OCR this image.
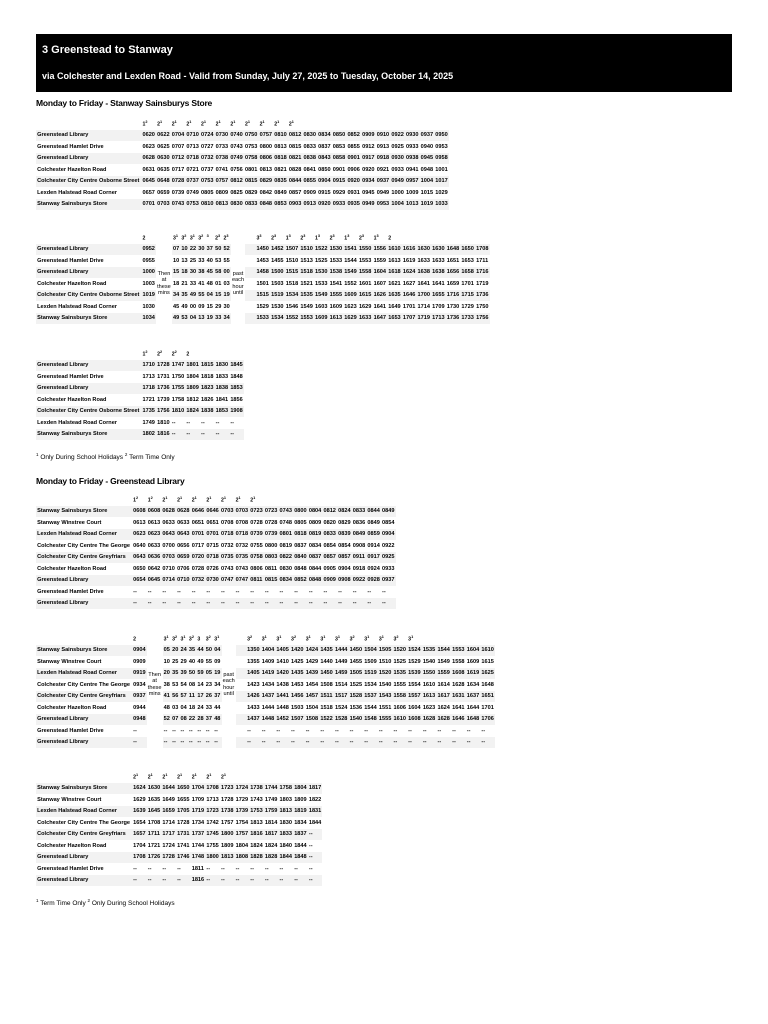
3 Greenstead to Stanway
via Colchester and Lexden Road - Valid from Sunday, July 27, 2025 to Tuesday, October 14, 2025
Monday to Friday - Stanway Sainsburys Store
	$1^2$	$2^1$	$2^1$	$2^1$	$2^1$	$2^1$	$2^1$	$2^1$	$2^1$	$2^1$	$2^1$										
Greenstead Library	0620	0622	0704	0710	0724	0730	0740	0750	0757	0810	0812	0830	0834	0850	0852	0909	0910	0922	0930	0937	0950
Greenstead Hamlet Drive	0623	0625	0707	0713	0727	0733	0743	0753	0800	0813	0815	0833	0837	0853	0855	0912	0913	0925	0933	0940	0953
Greenstead Library	0628	0630	0712	0718	0732	0738	0749	0758	0806	0818	0821	0838	0843	0858	0901	0917	0918	0930	0938	0945	0958
Colchester Hazelton Road	0631	0635	0717	0721	0737	0741	0756	0801	0813	0821	0828	0841	0850	0901	0906	0920	0921	0933	0941	0948	1001
Colchester City Centre Osborne Street	0645	0648	0728	0737	0753	0757	0812	0815	0829	0835	0844	0855	0904	0915	0920	0934	0937	0949	0957	1004	1017
Lexden Halstead Road Corner	0657	0659	0739	0749	0805	0809	0825	0829	0842	0849	0857	0909	0915	0929	0931	0945	0949	1000	1009	1015	1029
Stanway Sainsburys Store	0701	0703	0743	0753	0810	0813	0830	0833	0848	0853	0903	0913	0920	0933	0935	0949	0953	1004	1013	1019	1033
	2		$3^1$	$3^2$	$3^1$	$3^2$	$^3$	$2^3$	$2^3$			$3^3$	$2^3$	$1^3$	$2^3$	$1^3$	$2^3$	$1^3$	$2^3$	$1^3$	2						
Greenstead Library	0952		07	10	22	30	37	50	52			1450	1452	1507	1510	1522	1530	1541	1550	1556	1610	1616	1630	1630	1648	1650	1708
Greenstead Hamlet Drive	0955		10	13	25	33	40	53	55			1453	1455	1510	1513	1525	1533	1544	1553	1559	1613	1619	1633	1633	1651	1653	1711
Greenstead Library	1000	Then
at
these
mins	15	18	30	38	45	58	00	past
each
hour
until		1458	1500	1515	1518	1530	1538	1549	1558	1604	1618	1624	1638	1638	1656	1658	1716
Colchester Hazelton Road	1003		18	21	33	41	48	01	03			1501	1503	1518	1521	1533	1541	1552	1601	1607	1621	1627	1641	1641	1659	1701	1719
Colchester City Centre Osborne Street	1019		34	35	49	55	04	15	19			1515	1519	1534	1535	1549	1555	1609	1615	1626	1635	1646	1700	1655	1716	1715	1736
Lexden Halstead Road Corner	1030		45	49	00	09	15	29	30			1529	1530	1546	1549	1603	1609	1623	1629	1641	1649	1701	1714	1709	1730	1729	1750
Stanway Sainsburys Store	1034		49	53	04	13	19	33	34			1533	1534	1552	1553	1609	1613	1629	1633	1647	1653	1707	1719	1713	1736	1733	1756
	$1^2$	$2^2$	$2^2$	2			
Greenstead Library	1710	1728	1747	1801	1815	1830	1845
Greenstead Hamlet Drive	1713	1731	1750	1804	1818	1833	1848
Greenstead Library	1718	1736	1755	1809	1823	1838	1853
Colchester Hazelton Road	1721	1739	1758	1812	1826	1841	1856
Colchester City Centre Osborne Street	1735	1756	1810	1824	1838	1853	1908
Lexden Halstead Road Corner	1749	1810	--	--	--	--	--
Stanway Sainsburys Store	1802	1816	--	--	--	--	--
$^1$ Only During School Holidays $^2$ Term Time Only
Monday to Friday - Greenstead Library
	$1^2$	$1^2$	$2^1$	$2^1$	$2^1$	$2^1$	$2^1$	$2^1$	$2^1$									
Stanway Sainsburys Store	0608	0608	0628	0628	0646	0646	0703	0703	0723	0723	0743	0800	0804	0812	0824	0833	0844	0849
Stanway Winstree Court	0613	0613	0633	0633	0651	0651	0708	0708	0728	0728	0748	0805	0809	0820	0829	0836	0849	0854
Lexden Halstead Road Corner	0623	0623	0643	0643	0701	0701	0718	0718	0739	0739	0801	0818	0819	0833	0839	0849	0859	0904
Colchester City Centre The George	0640	0633	0700	0656	0717	0715	0732	0732	0755	0800	0819	0837	0834	0854	0854	0908	0914	0922
Colchester City Centre Greyfriars	0643	0636	0703	0659	0720	0718	0735	0735	0758	0803	0822	0840	0837	0857	0857	0911	0917	0925
Colchester Hazelton Road	0650	0642	0710	0706	0728	0726	0743	0743	0806	0811	0830	0848	0844	0905	0904	0918	0924	0933
Greenstead Library	0654	0645	0714	0710	0732	0730	0747	0747	0811	0815	0834	0852	0848	0909	0908	0922	0928	0937
Greenstead Hamlet Drive	--	--	--	--	--	--	--	--	--	--	--	--	--	--	--	--	--	--
Greenstead Library	--	--	--	--	--	--	--	--	--	--	--	--	--	--	--	--	--	--
	2		$3^1$	$3^2$	$3^1$	$3^2$	3	$3^2$	$3^1$			$3^2$	$3^1$	$3^1$	$3^2$	$3^1$	$3^1$	$3^1$	$3^2$	$3^1$	$3^1$	$3^2$	$3^1$					
Stanway Sainsburys Store	0904		05	20	24	35	44	50	04			1350	1404	1405	1420	1424	1435	1444	1450	1504	1505	1520	1524	1535	1544	1553	1604	1610
Stanway Winstree Court	0909		10	25	29	40	49	55	09			1355	1409	1410	1425	1429	1440	1449	1455	1509	1510	1525	1529	1540	1549	1558	1609	1615
Lexden Halstead Road Corner	0919	Then
at
these
mins	20	35	39	50	59	05	19	past
each
hour
until		1405	1419	1420	1435	1439	1450	1459	1505	1519	1520	1535	1539	1550	1559	1608	1619	1625
Colchester City Centre The George	0934		38	53	54	08	14	23	34			1423	1434	1438	1453	1454	1508	1514	1525	1534	1540	1555	1554	1610	1614	1628	1634	1648
Colchester City Centre Greyfriars	0937		41	56	57	11	17	26	37			1426	1437	1441	1456	1457	1511	1517	1528	1537	1543	1558	1557	1613	1617	1631	1637	1651
Colchester Hazelton Road	0944		48	03	04	18	24	33	44			1433	1444	1448	1503	1504	1518	1524	1536	1544	1551	1606	1604	1623	1624	1641	1644	1701
Greenstead Library	0948		52	07	08	22	28	37	48			1437	1448	1452	1507	1508	1522	1528	1540	1548	1555	1610	1608	1628	1628	1646	1648	1706
Greenstead Hamlet Drive	--		--	--	--	--	--	--	--			--	--	--	--	--	--	--	--	--	--	--	--	--	--	--	--	--
Greenstead Library	--		--	--	--	--	--	--	--			--	--	--	--	--	--	--	--	--	--	--	--	--	--	--	--	--
	$2^1$	$2^1$	$2^1$	$2^1$	$2^1$	$2^1$	$2^1$						
Stanway Sainsburys Store	1624	1630	1644	1650	1704	1708	1723	1724	1738	1744	1758	1804	1817
Stanway Winstree Court	1629	1635	1649	1655	1709	1713	1728	1729	1743	1749	1803	1809	1822
Lexden Halstead Road Corner	1639	1645	1659	1705	1719	1723	1738	1739	1753	1759	1813	1819	1831
Colchester City Centre The George	1654	1708	1714	1728	1734	1742	1757	1754	1813	1814	1830	1834	1844
Colchester City Centre Greyfriars	1657	1711	1717	1731	1737	1745	1800	1757	1816	1817	1833	1837	--
Colchester Hazelton Road	1704	1721	1724	1741	1744	1755	1809	1804	1824	1824	1840	1844	--
Greenstead Library	1708	1726	1728	1746	1748	1800	1813	1808	1828	1828	1844	1848	--
Greenstead Hamlet Drive	--	--	--	--	1811	--	--	--	--	--	--	--	--
Greenstead Library	--	--	--	--	1816	--	--	--	--	--	--	--	--
$^1$ Term Time Only $^2$ Only During School Holidays
